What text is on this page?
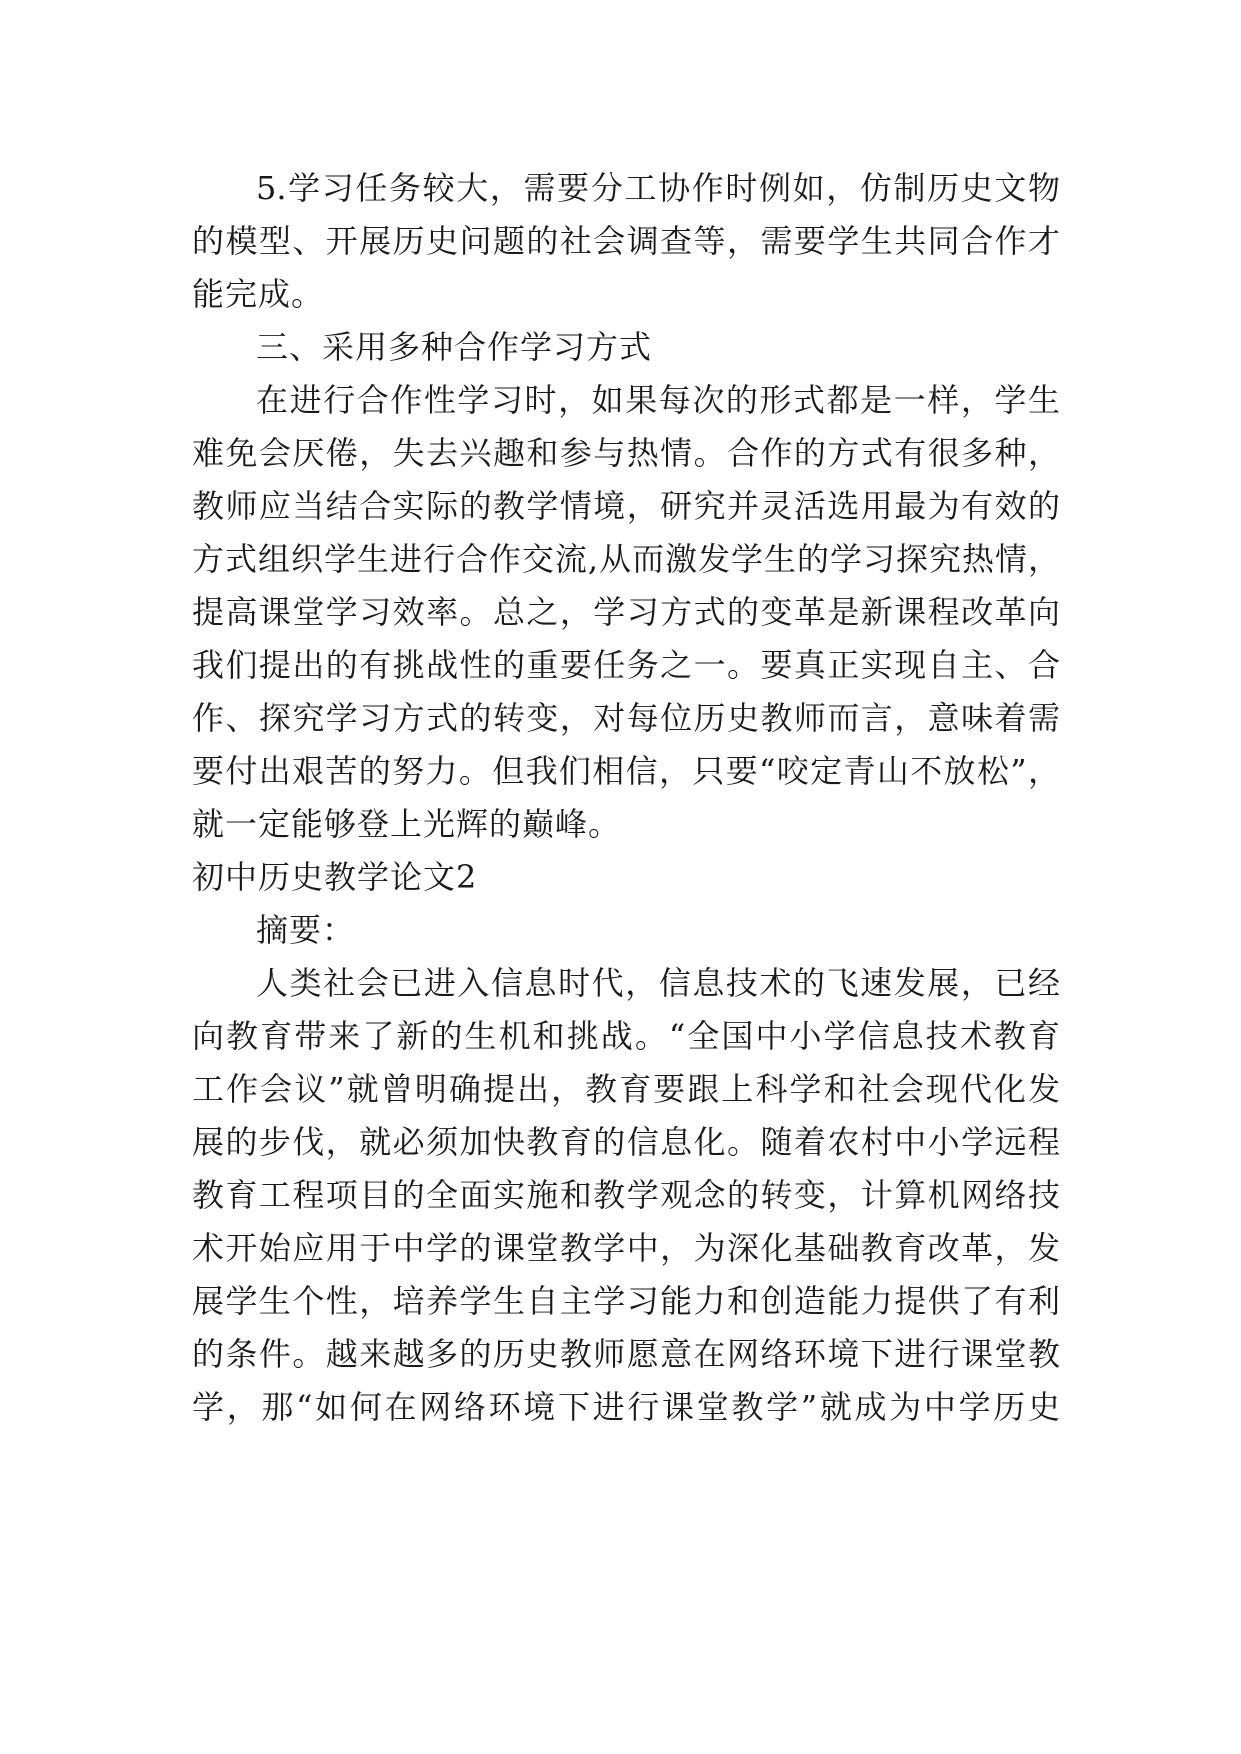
5.学习任务较大，需要分工协作时例如，仿制历史文物
的模型、开展历史问题的社会调查等，需要学生共同合作才
能完成。
三、采用多种合作学习方式
在进行合作性学习时，如果每次的形式都是一样，学生
难免会厌倦，失去兴趣和参与热情。合作的方式有很多种，
教师应当结合实际的教学情境，研究并灵活选用最为有效的
方式组织学生进行合作交流,从而激发学生的学习探究热情，
提高课堂学习效率。总之，学习方式的变革是新课程改革向
我们提出的有挑战性的重要任务之一。要真正实现自主、合
作、探究学习方式的转变，对每位历史教师而言，意味着需
要付出艰苦的努力。但我们相信，只要“咬定青山不放松”，
就一定能够登上光辉的巅峰。
初中历史教学论文2
摘要：
人类社会已进入信息时代，信息技术的飞速发展，已经
向教育带来了新的生机和挑战。“全国中小学信息技术教育
工作会议”就曾明确提出，教育要跟上科学和社会现代化发
展的步伐，就必须加快教育的信息化。随着农村中小学远程
教育工程项目的全面实施和教学观念的转变，计算机网络技
术开始应用于中学的课堂教学中，为深化基础教育改革，发
展学生个性，培养学生自主学习能力和创造能力提供了有利
的条件。越来越多的历史教师愿意在网络环境下进行课堂教
学，那“如何在网络环境下进行课堂教学”就成为中学历史
